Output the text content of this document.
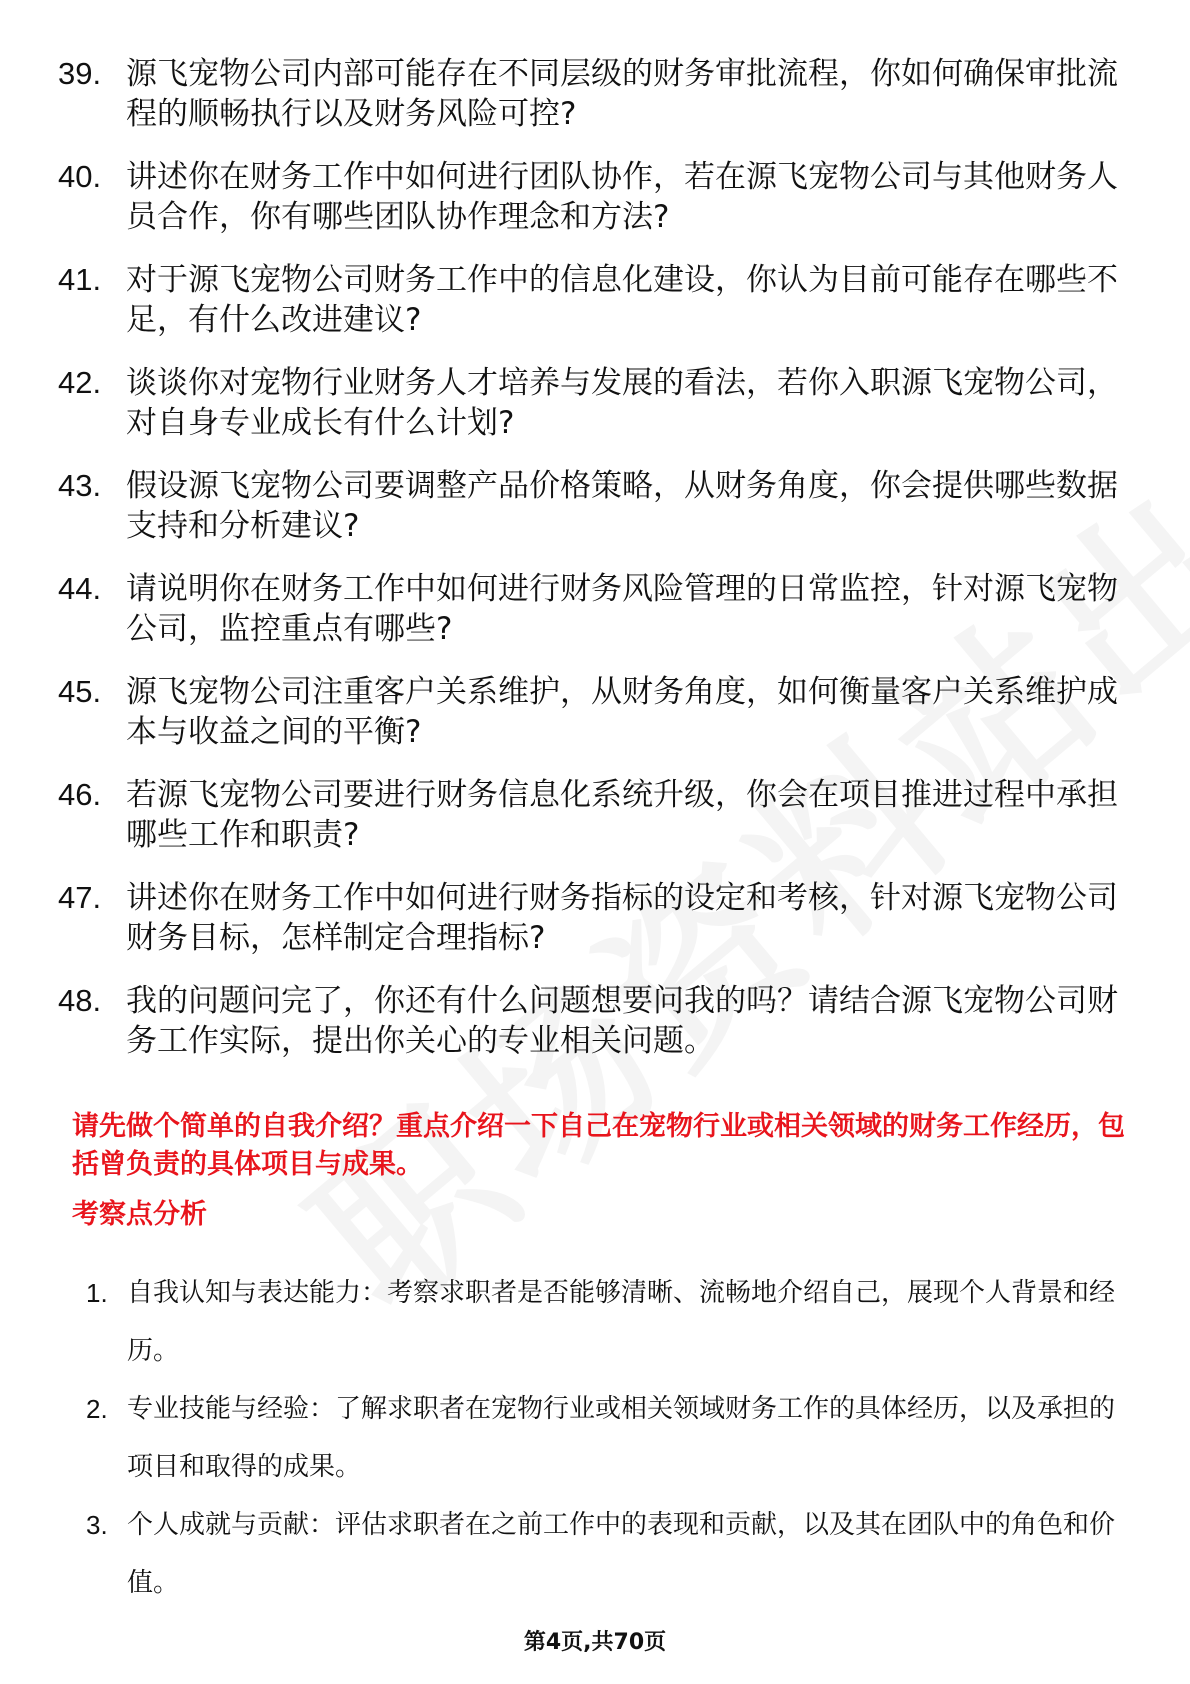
39. 源飞宠物公司内部可能存在不同层级的财务审批流程，你如何确保审批流程的顺畅执行以及财务风险可控?
40. 讲述你在财务工作中如何进行团队协作，若在源飞宠物公司与其他财务人员合作，你有哪些团队协作理念和方法?
41. 对于源飞宠物公司财务工作中的信息化建设，你认为目前可能存在哪些不足，有什么改进建议?
42. 谈谈你对宠物行业财务人才培养与发展的看法，若你入职源飞宠物公司，对自身专业成长有什么计划?
43. 假设源飞宠物公司要调整产品价格策略，从财务角度，你会提供哪些数据支持和分析建议?
44. 请说明你在财务工作中如何进行财务风险管理的日常监控，针对源飞宠物公司，监控重点有哪些?
45. 源飞宠物公司注重客户关系维护，从财务角度，如何衡量客户关系维护成本与收益之间的平衡?
46. 若源飞宠物公司要进行财务信息化系统升级，你会在项目推进过程中承担哪些工作和职责?
47. 讲述你在财务工作中如何进行财务指标的设定和考核，针对源飞宠物公司财务目标，怎样制定合理指标?
48. 我的问题问完了，你还有什么问题想要问我的吗？请结合源飞宠物公司财务工作实际，提出你关心的专业相关问题。
请先做个简单的自我介绍？重点介绍一下自己在宠物行业或相关领域的财务工作经历，包括曾负责的具体项目与成果。
考察点分析
1. 自我认知与表达能力：考察求职者是否能够清晰、流畅地介绍自己，展现个人背景和经历。
2. 专业技能与经验：了解求职者在宠物行业或相关领域财务工作的具体经历，以及承担的项目和取得的成果。
3. 个人成就与贡献：评估求职者在之前工作中的表现和贡献，以及其在团队中的角色和价值。
第4页,共70页
